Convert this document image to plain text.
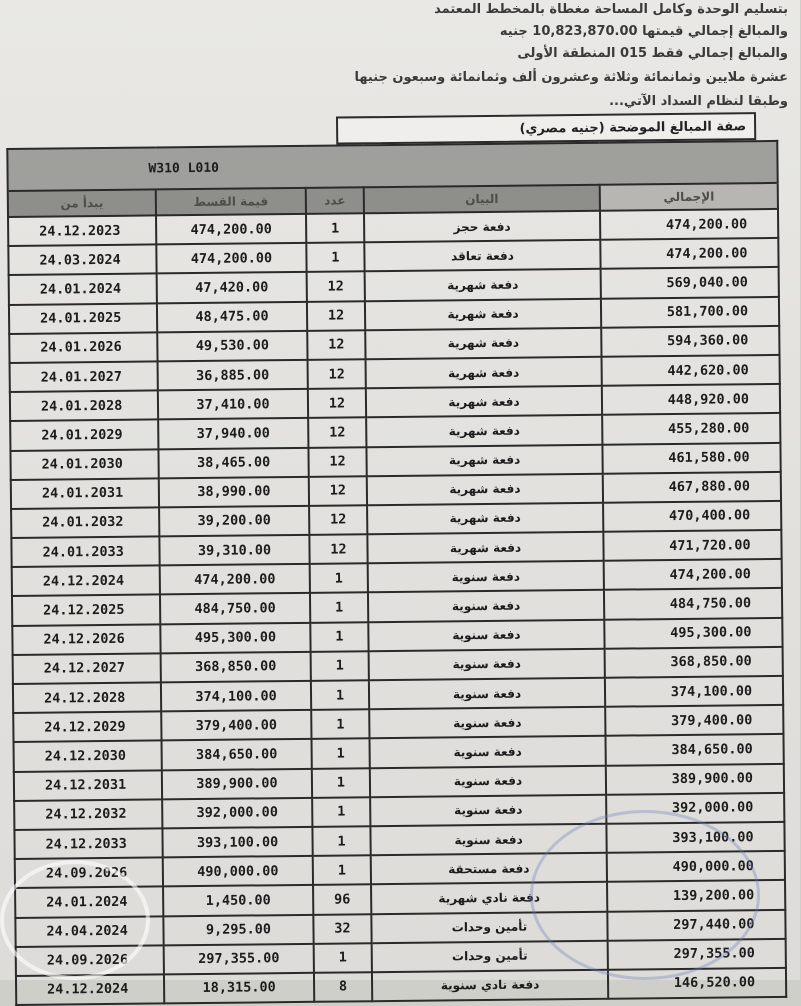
بتسليم الوحدة وكامل المساحة مغطاة بالمخطط المعتمد
والمبالغ إجمالي قيمتها 10,823,870.00 جنيه
والمبالغ إجمالي فقط 015 المنطقة الأولى
عشرة ملايين وثمانمائة وثلاثة وعشرون ألف وثمانمائة وسبعون جنيها
وطبقا لنظام السداد الآتي...
صفة المبالغ الموضحة (جنيه مصري)
W310 L010				
يبدأ من	قيمة القسط	عدد	البيان	الإجمالي
24.12.2023	474,200.00	1	دفعة حجز	474,200.00
24.03.2024	474,200.00	1	دفعة تعاقد	474,200.00
24.01.2024	47,420.00	12	دفعة شهرية	569,040.00
24.01.2025	48,475.00	12	دفعة شهرية	581,700.00
24.01.2026	49,530.00	12	دفعة شهرية	594,360.00
24.01.2027	36,885.00	12	دفعة شهرية	442,620.00
24.01.2028	37,410.00	12	دفعة شهرية	448,920.00
24.01.2029	37,940.00	12	دفعة شهرية	455,280.00
24.01.2030	38,465.00	12	دفعة شهرية	461,580.00
24.01.2031	38,990.00	12	دفعة شهرية	467,880.00
24.01.2032	39,200.00	12	دفعة شهرية	470,400.00
24.01.2033	39,310.00	12	دفعة شهرية	471,720.00
24.12.2024	474,200.00	1	دفعة سنوية	474,200.00
24.12.2025	484,750.00	1	دفعة سنوية	484,750.00
24.12.2026	495,300.00	1	دفعة سنوية	495,300.00
24.12.2027	368,850.00	1	دفعة سنوية	368,850.00
24.12.2028	374,100.00	1	دفعة سنوية	374,100.00
24.12.2029	379,400.00	1	دفعة سنوية	379,400.00
24.12.2030	384,650.00	1	دفعة سنوية	384,650.00
24.12.2031	389,900.00	1	دفعة سنوية	389,900.00
24.12.2032	392,000.00	1	دفعة سنوية	392,000.00
24.12.2033	393,100.00	1	دفعة سنوية	393,100.00
24.09.2026	490,000.00	1	دفعة مستحقة	490,000.00
24.01.2024	1,450.00	96	دفعة نادي شهرية	139,200.00
24.04.2024	9,295.00	32	تأمين وحدات	297,440.00
24.09.2026	297,355.00	1	تأمين وحدات	297,355.00
24.12.2024	18,315.00	8	دفعة نادي سنوية	146,520.00
